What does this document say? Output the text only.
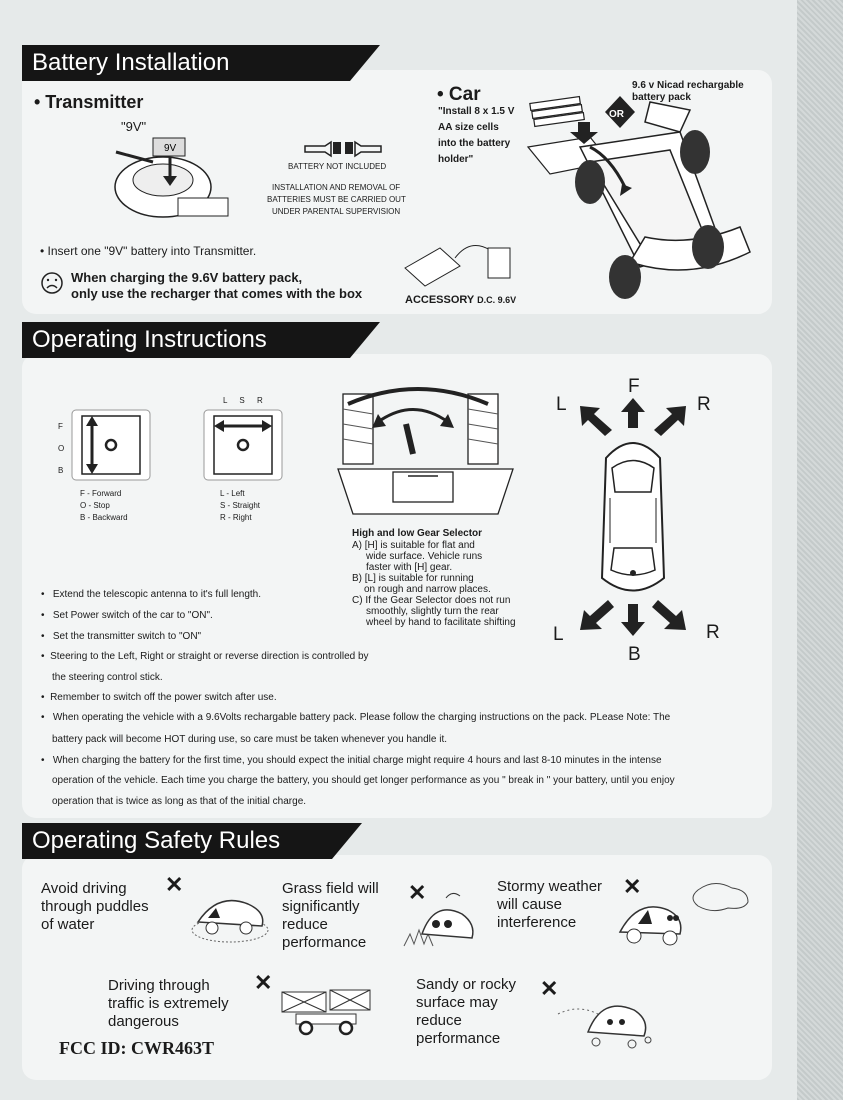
Battery Installation
• Transmitter
"9V"
9V
BATTERY NOT INCLUDED
INSTALLATION AND REMOVAL OF
BATTERIES MUST BE CARRIED OUT
UNDER PARENTAL SUPERVISION
• Insert one "9V" battery into Transmitter.
When charging the 9.6V battery pack,
only use the recharger that comes with the box	ACCESSORY D.C. 9.6V
• Car
"Install 8 x 1.5 V
AA size cells
into the battery
holder"
9.6 v Nicad rechargable
battery pack
OR
Operating Instructions
F
O
B
L S R
F - Forward
O - Stop
B - Backward
L - Left
S - Straight
R - Right
High and low Gear Selector
A) [H] is suitable for flat and
wide surface. Vehicle runs
faster with [H] gear.
B) [L] is suitable for running
on rough and narrow places.
C) If the Gear Selector does not run
smoothly, slightly turn the rear
wheel by hand to facilitate shifting
F
L	R
L	R
B
•   Extend the telescopic antenna to it's full length.
•   Set Power switch of the car to "ON".
•   Set the transmitter switch to "ON"
•  Steering to the Left, Right or straight or reverse direction is controlled by
the steering control stick.
•  Remember to switch off the power switch after use.
•   When operating the vehicle with a 9.6Volts rechargable battery pack. Please follow the charging instructions on the pack. PLease Note: The
battery pack will become HOT during use, so care must be taken whenever you handle it.
•   When charging the battery for the first time, you should expect the initial charge might require 4 hours and last 8-10 minutes in the intense
operation of the vehicle. Each time you charge the battery, you should get longer performance as you " break in " your battery, until you enjoy
operation that is twice as long as that of the initial charge.
Operating Safety Rules
Avoid driving
through puddles
of water
✕	Grass field will
significantly
reduce
performance
✕	Stormy weather
will cause
interference
✕
Driving through
traffic is extremely
dangerous
✕	Sandy or rocky
surface may
reduce
performance
✕
FCC ID: CWR463T
